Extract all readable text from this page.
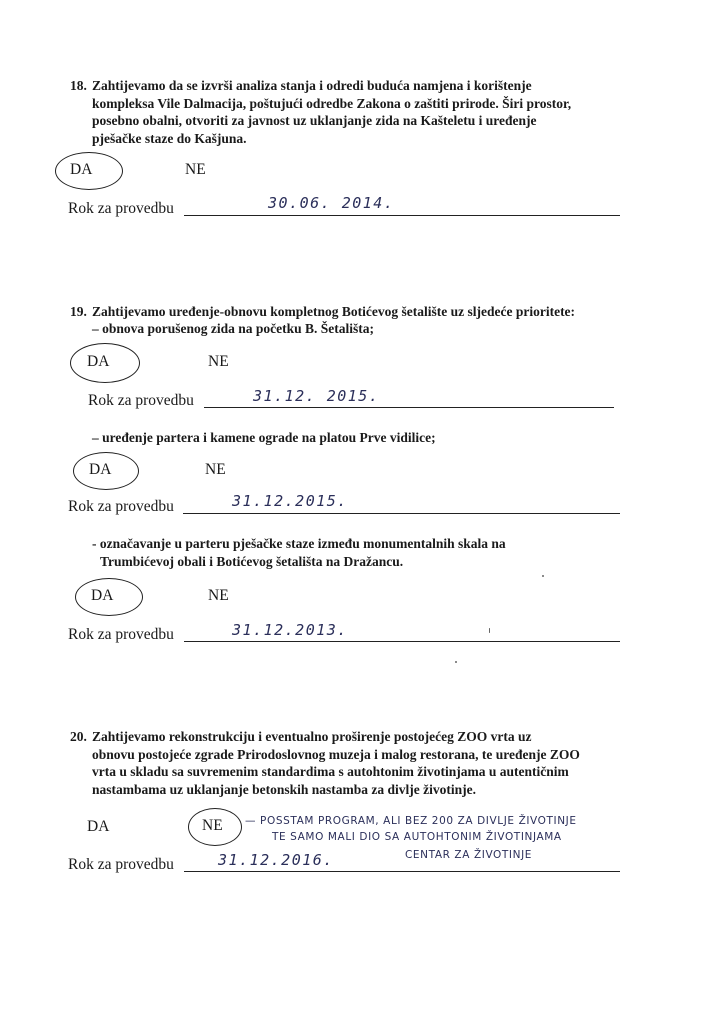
18. Zahtijevamo da se izvrši analiza stanja i odredi buduća namjena i korištenje
kompleksa Vile Dalmacija, poštujući odredbe Zakona o zaštiti prirode. Širi prostor,
posebno obalni, otvoriti za javnost uz uklanjanje zida na Kašteletu i uređenje
pješačke staze do Kašjuna.
DA	NE
Rok za provedbu	30.06. 2014.
19. Zahtijevamo uređenje-obnovu kompletnog Botićevog šetalište uz sljedeće prioritete:
– obnova porušenog zida na početku B. Šetališta;
DA	NE
Rok za provedbu	31.12. 2015.
– uređenje partera i kamene ograde na platou Prve vidilice;
DA	NE
Rok za provedbu	31.12.2015.
- označavanje u parteru pješačke staze između monumentalnih skala na
Trumbićevoj obali i Botićevog šetališta na Dražancu.
DA	NE
Rok za provedbu	31.12.2013.
20. Zahtijevamo rekonstrukciju i eventualno proširenje postojećeg ZOO vrta uz
obnovu postojeće zgrade Prirodoslovnog muzeja i malog restorana, te uređenje ZOO
vrta u skladu sa suvremenim standardima s autohtonim životinjama u autentičnim
nastambama uz uklanjanje betonskih nastamba za divlje životinje.
DA	NE — POSSTAM PROGRAM, ALI BEZ 200 ZA DIVLJE ŽIVOTINJE
TE SAMO MALI DIO SA AUTOHTONIM ŽIVOTINJAMA
CENTAR ZA ŽIVOTINJE
Rok za provedbu	31.12.2016.
